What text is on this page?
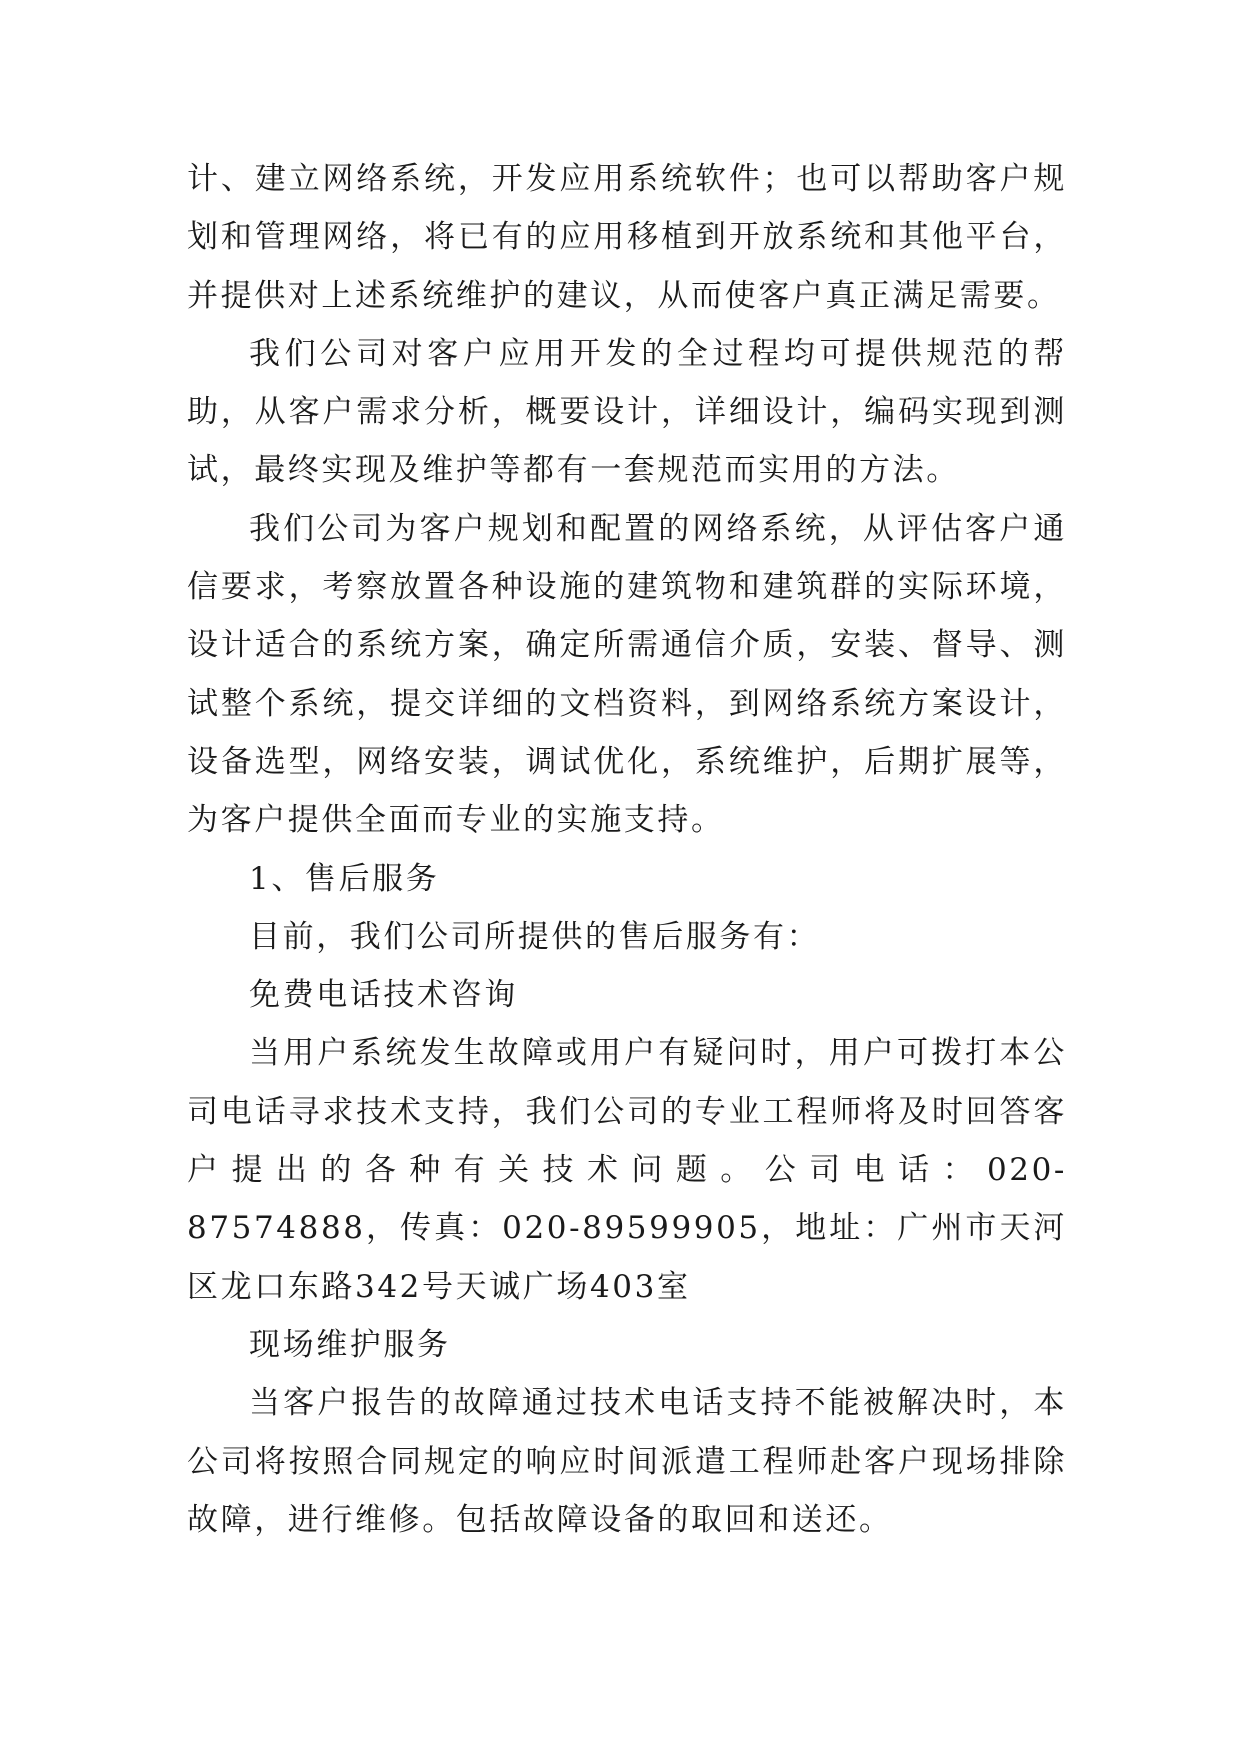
计、建立网络系统，开发应用系统软件；也可以帮助客户规划和管理网络，将已有的应用移植到开放系统和其他平台，并提供对上述系统维护的建议，从而使客户真正满足需要。

我们公司对客户应用开发的全过程均可提供规范的帮助，从客户需求分析，概要设计，详细设计，编码实现到测试，最终实现及维护等都有一套规范而实用的方法。

我们公司为客户规划和配置的网络系统，从评估客户通信要求，考察放置各种设施的建筑物和建筑群的实际环境，设计适合的系统方案，确定所需通信介质，安装、督导、测试整个系统，提交详细的文档资料，到网络系统方案设计，设备选型，网络安装，调试优化，系统维护，后期扩展等，为客户提供全面而专业的实施支持。

1、售后服务

目前，我们公司所提供的售后服务有：

免费电话技术咨询

当用户系统发生故障或用户有疑问时，用户可拨打本公司电话寻求技术支持，我们公司的专业工程师将及时回答客户提出的各种有关技术问题。公司电话：020-87574888，传真：020-89599905，地址：广州市天河区龙口东路342号天诚广场403室

现场维护服务

当客户报告的故障通过技术电话支持不能被解决时，本公司将按照合同规定的响应时间派遣工程师赴客户现场排除故障，进行维修。包括故障设备的取回和送还。
